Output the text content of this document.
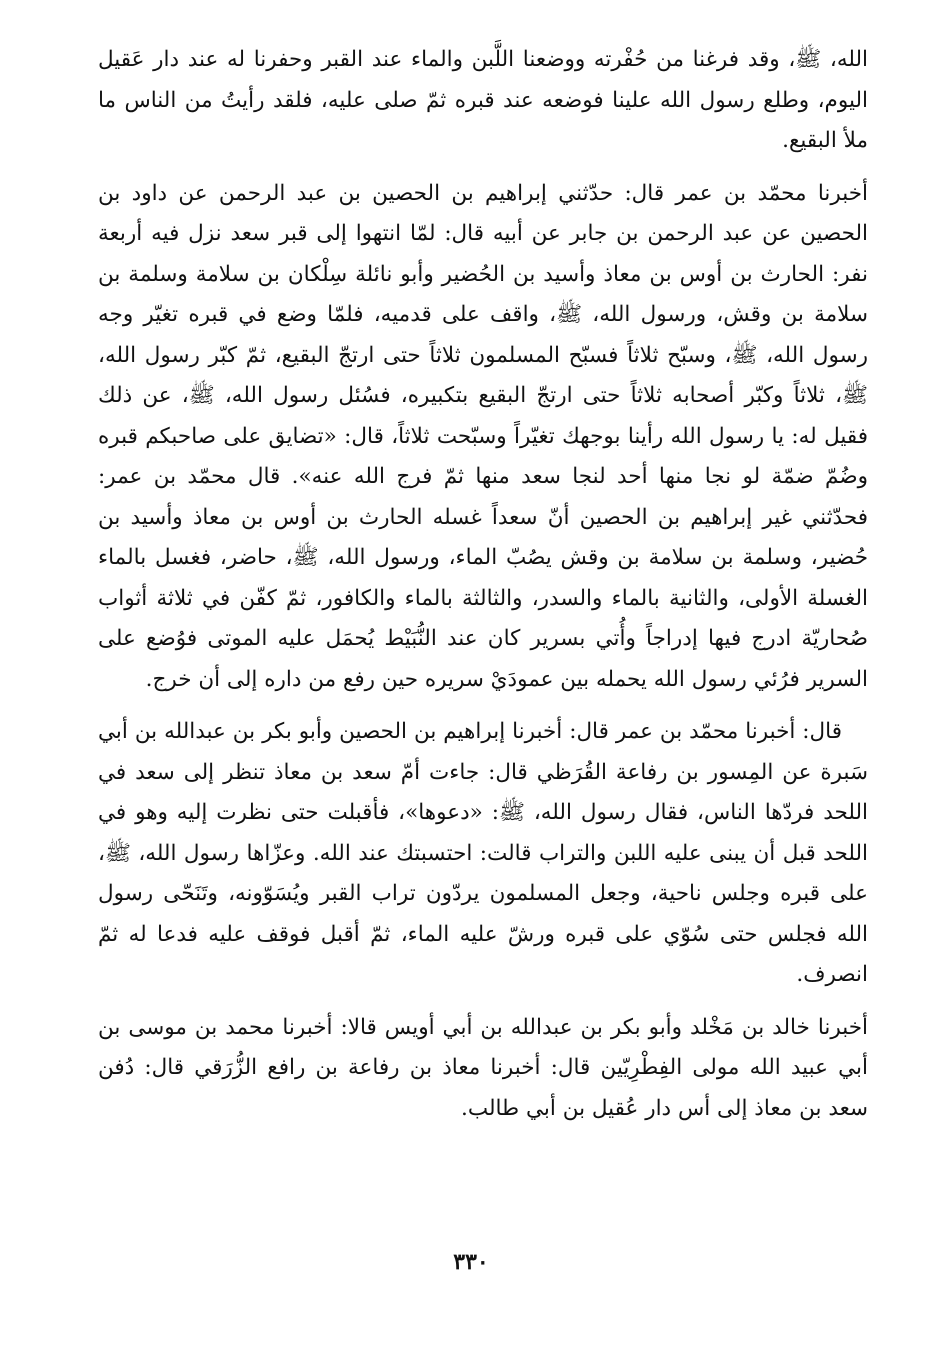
الله، ﷺ، وقد فرغنا من حُفْرته ووضعنا اللَّبن والماء عند القبر وحفرنا له عند دار عَقيل اليوم، وطلع رسول الله علينا فوضعه عند قبره ثمّ صلى عليه، فلقد رأيتُ من الناس ما ملأ البقيع.

أخبرنا محمّد بن عمر قال: حدّثني إبراهيم بن الحصين بن عبد الرحمن عن داود بن الحصين عن عبد الرحمن بن جابر عن أبيه قال: لمّا انتهوا إلى قبر سعد نزل فيه أربعة نفر: الحارث بن أوس بن معاذ وأسيد بن الحُضير وأبو نائلة سِلْكان بن سلامة وسلمة بن سلامة بن وقش، ورسول الله، ﷺ، واقف على قدميه، فلمّا وضع في قبره تغيّر وجه رسول الله، ﷺ، وسبّح ثلاثاً فسبّح المسلمون ثلاثاً حتى ارتجّ البقيع، ثمّ كبّر رسول الله، ﷺ، ثلاثاً وكبّر أصحابه ثلاثاً حتى ارتجّ البقيع بتكبيره، فسُئل رسول الله، ﷺ، عن ذلك فقيل له: يا رسول الله رأينا بوجهك تغيّراً وسبّحت ثلاثاً، قال: «تضايق على صاحبكم قبره وضُمّ ضمّة لو نجا منها أحد لنجا سعد منها ثمّ فرج الله عنه». قال محمّد بن عمر: فحدّثني غير إبراهيم بن الحصين أنّ سعداً غسله الحارث بن أوس بن معاذ وأسيد بن حُضير، وسلمة بن سلامة بن وقش يصُبّ الماء، ورسول الله، ﷺ، حاضر، فغسل بالماء الغسلة الأولى، والثانية بالماء والسدر، والثالثة بالماء والكافور، ثمّ كفّن في ثلاثة أثواب صُحاريّة ادرج فيها إدراجاً وأُتي بسرير كان عند النُّبَيْط يُحمَل عليه الموتى فوُضع على السرير فرُئي رسول الله يحمله بين عمودَيْ سريره حين رفع من داره إلى أن خرج.

قال: أخبرنا محمّد بن عمر قال: أخبرنا إبراهيم بن الحصين وأبو بكر بن عبدالله بن أبي سَبرة عن المِسور بن رفاعة القُرَظي قال: جاءت أمّ سعد بن معاذ تنظر إلى سعد في اللحد فردّها الناس، فقال رسول الله، ﷺ: «دعوها»، فأقبلت حتى نظرت إليه وهو في اللحد قبل أن يبنى عليه اللبن والتراب قالت: احتسبتك عند الله. وعزّاها رسول الله، ﷺ، على قبره وجلس ناحية، وجعل المسلمون يردّون تراب القبر ويُسَوّونه، وتَنَحّى رسول الله فجلس حتى سُوّي على قبره ورشّ عليه الماء، ثمّ أقبل فوقف عليه فدعا له ثمّ انصرف.

أخبرنا خالد بن مَخْلد وأبو بكر بن عبدالله بن أبي أويس قالا: أخبرنا محمد بن موسى بن أبي عبيد الله مولى الفِطْرِيّين قال: أخبرنا معاذ بن رفاعة بن رافع الزُّرَقي قال: دُفن سعد بن معاذ إلى أس دار عُقيل بن أبي طالب.

٣٣٠
